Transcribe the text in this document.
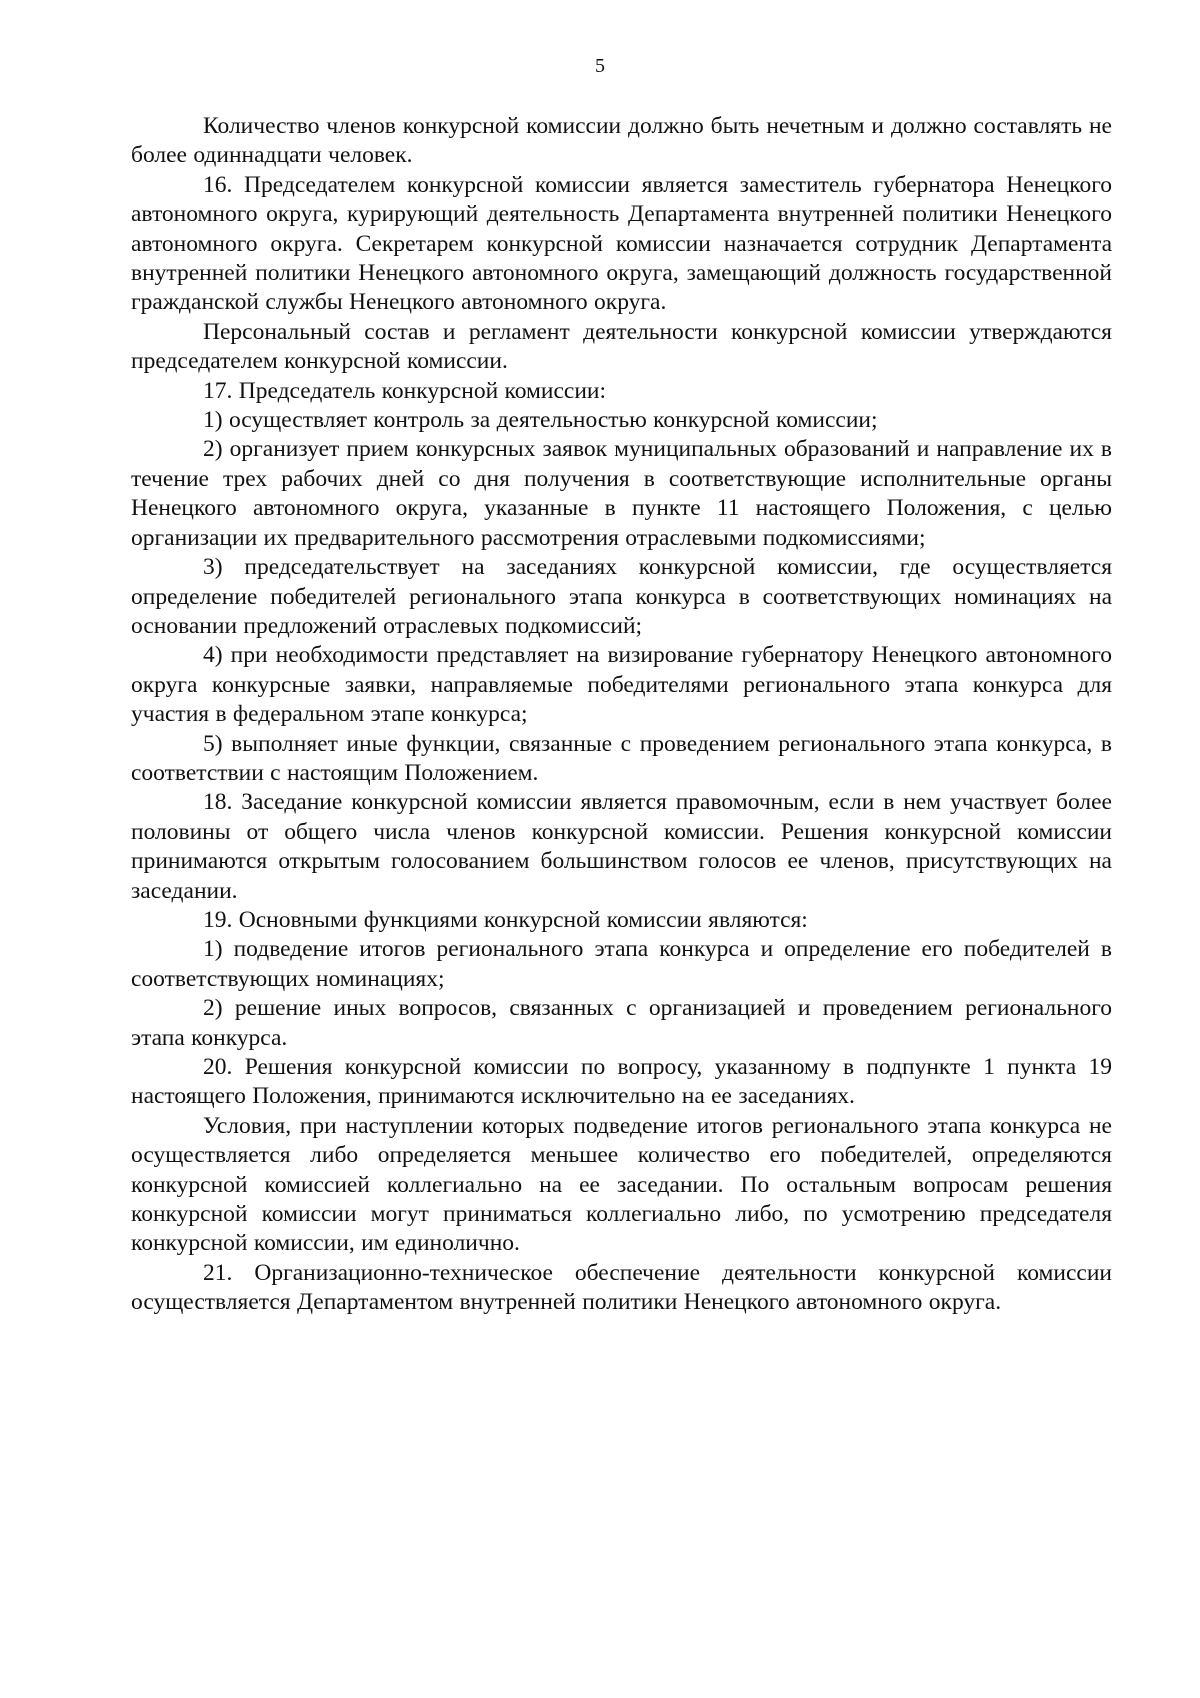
5

Количество членов конкурсной комиссии должно быть нечетным и должно составлять не более одиннадцати человек.

16. Председателем конкурсной комиссии является заместитель губернатора Ненецкого автономного округа, курирующий деятельность Департамента внутренней политики Ненецкого автономного округа. Секретарем конкурсной комиссии назначается сотрудник Департамента внутренней политики Ненецкого автономного округа, замещающий должность государственной гражданской службы Ненецкого автономного округа.

Персональный состав и регламент деятельности конкурсной комиссии утверждаются председателем конкурсной комиссии.

17. Председатель конкурсной комиссии:

1) осуществляет контроль за деятельностью конкурсной комиссии;

2) организует прием конкурсных заявок муниципальных образований и направление их в течение трех рабочих дней со дня получения в соответствующие исполнительные органы Ненецкого автономного округа, указанные в пункте 11 настоящего Положения, с целью организации их предварительного рассмотрения отраслевыми подкомиссиями;

3) председательствует на заседаниях конкурсной комиссии, где осуществляется определение победителей регионального этапа конкурса в соответствующих номинациях на основании предложений отраслевых подкомиссий;

4) при необходимости представляет на визирование губернатору Ненецкого автономного округа конкурсные заявки, направляемые победителями регионального этапа конкурса для участия в федеральном этапе конкурса;

5) выполняет иные функции, связанные с проведением регионального этапа конкурса, в соответствии с настоящим Положением.

18. Заседание конкурсной комиссии является правомочным, если в нем участвует более половины от общего числа членов конкурсной комиссии. Решения конкурсной комиссии принимаются открытым голосованием большинством голосов ее членов, присутствующих на заседании.

19. Основными функциями конкурсной комиссии являются:

1) подведение итогов регионального этапа конкурса и определение его победителей в соответствующих номинациях;

2) решение иных вопросов, связанных с организацией и проведением регионального этапа конкурса.

20. Решения конкурсной комиссии по вопросу, указанному в подпункте 1 пункта 19 настоящего Положения, принимаются исключительно на ее заседаниях.

Условия, при наступлении которых подведение итогов регионального этапа конкурса не осуществляется либо определяется меньшее количество его победителей, определяются конкурсной комиссией коллегиально на ее заседании. По остальным вопросам решения конкурсной комиссии могут приниматься коллегиально либо, по усмотрению председателя конкурсной комиссии, им единолично.

21. Организационно-техническое обеспечение деятельности конкурсной комиссии осуществляется Департаментом внутренней политики Ненецкого автономного округа.
